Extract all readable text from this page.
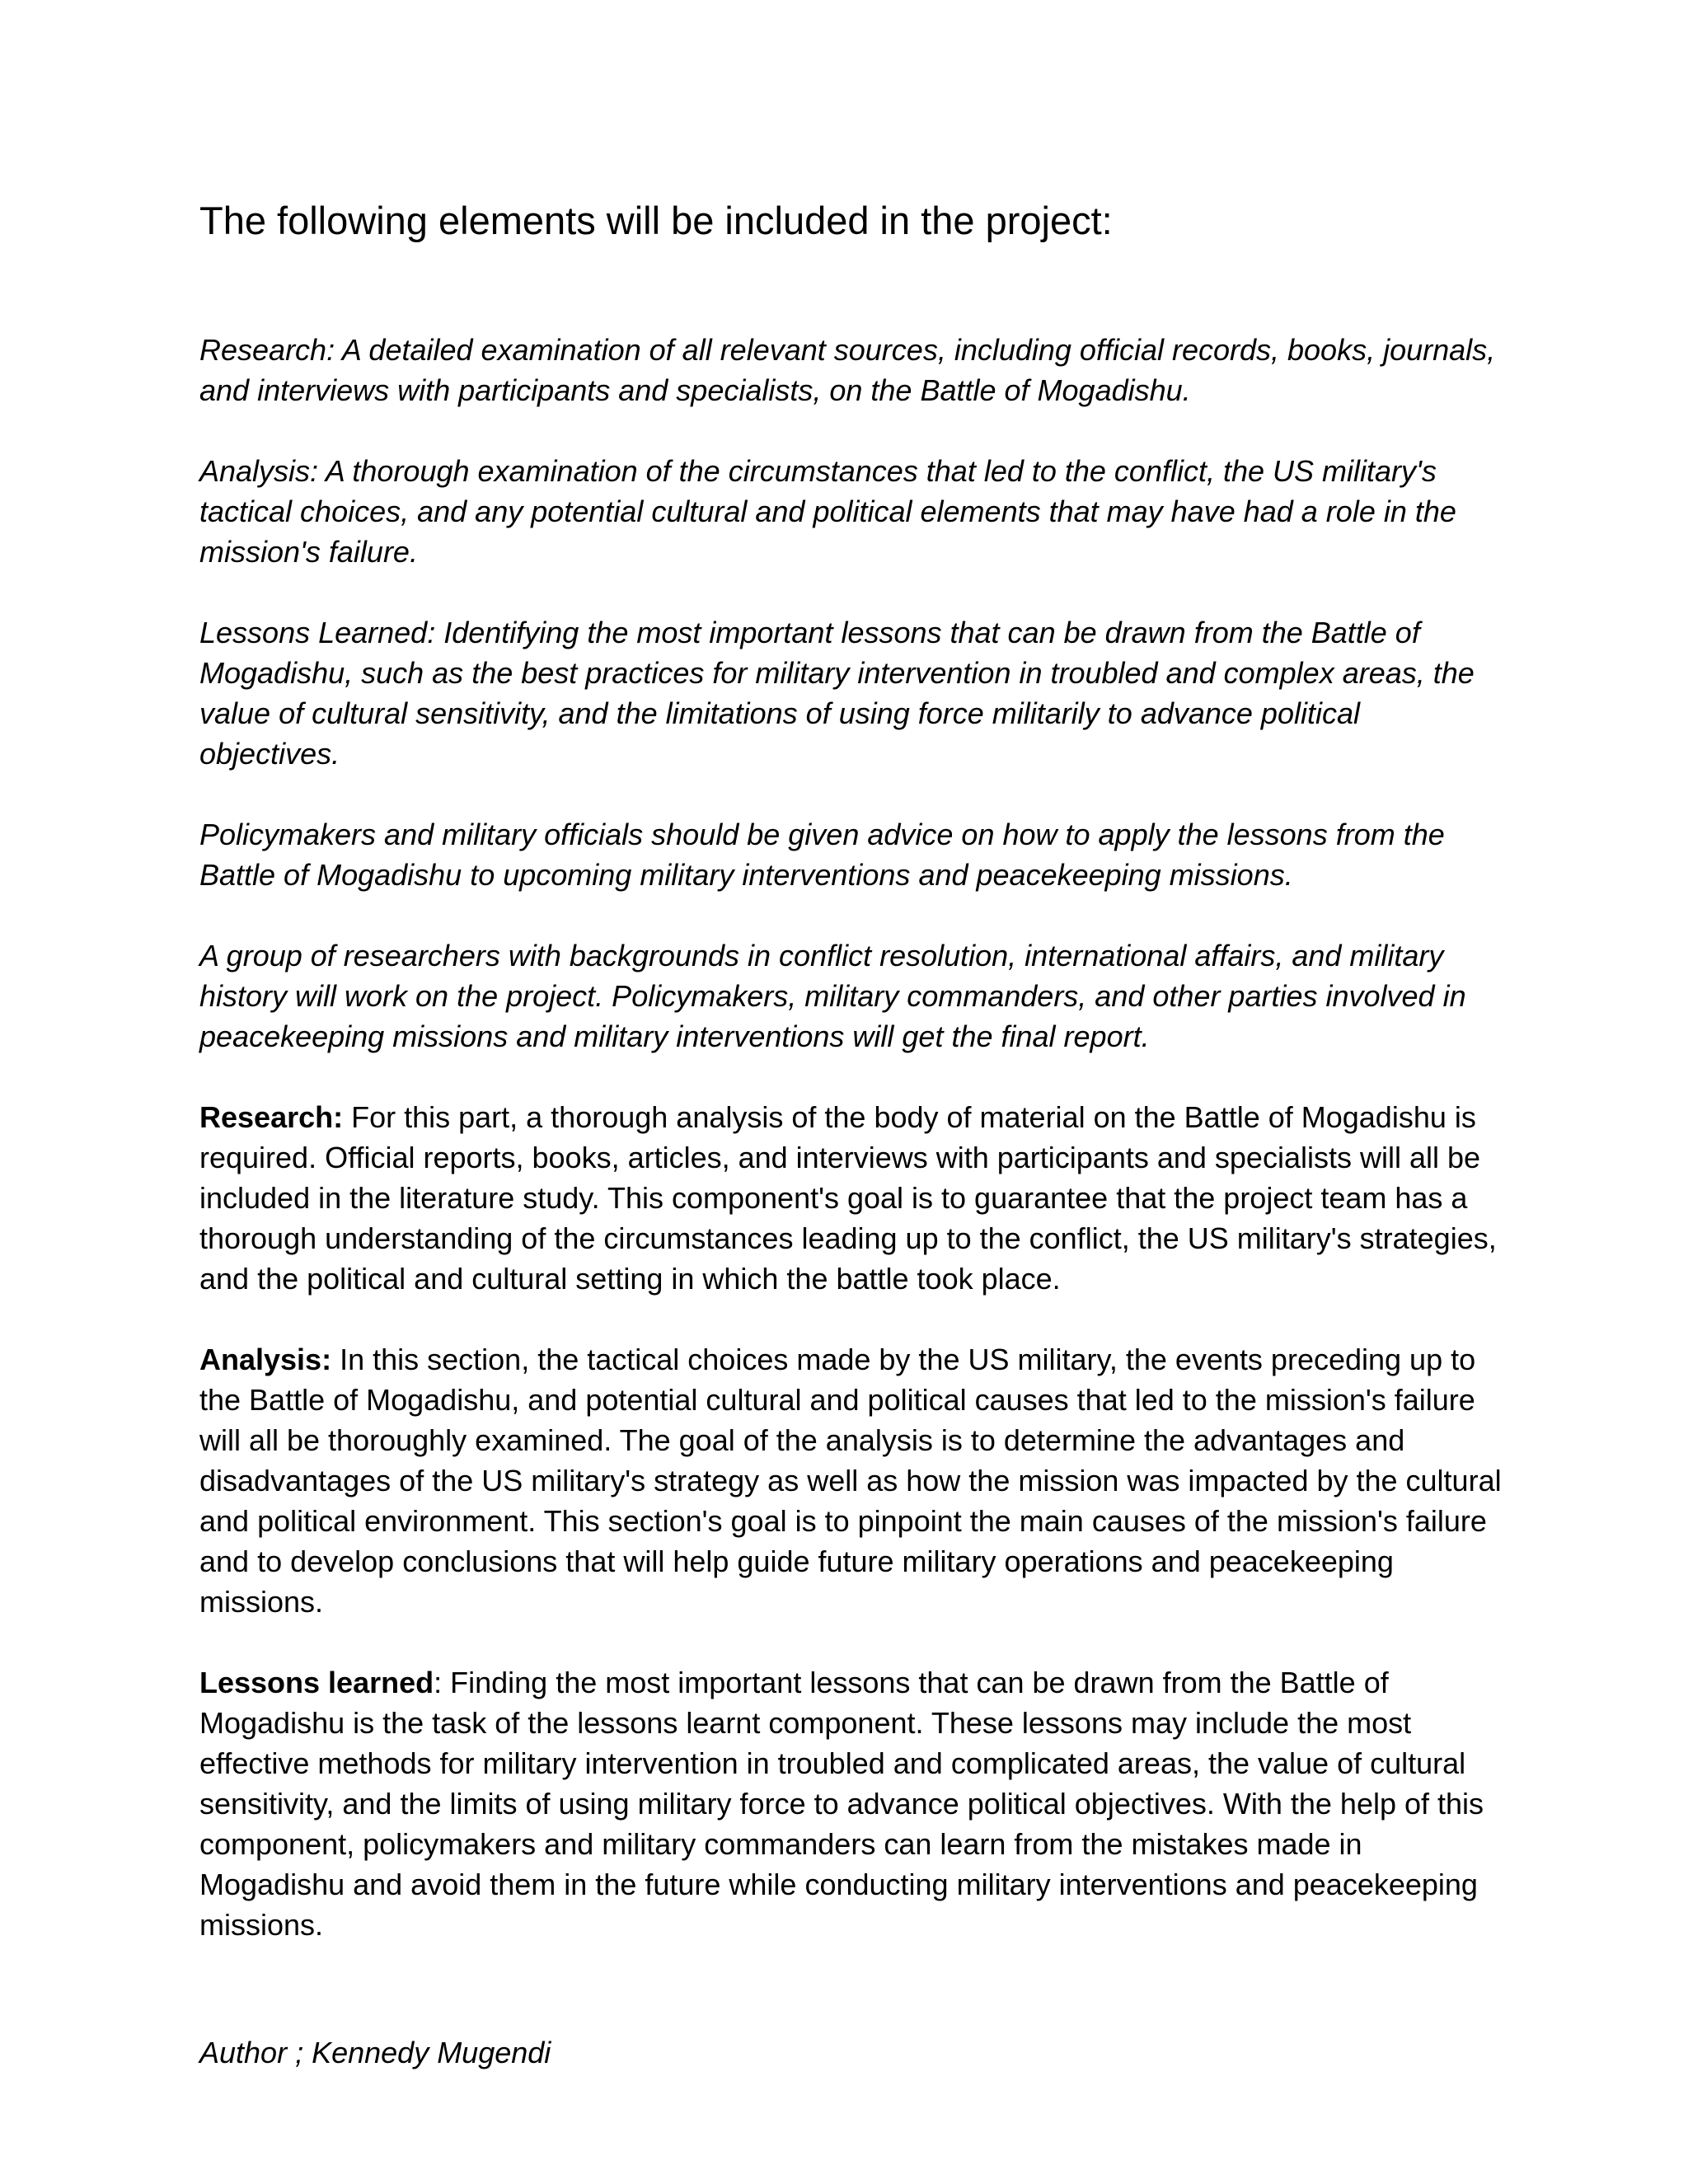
The following elements will be included in the project:

Research: A detailed examination of all relevant sources, including official records, books, journals, and interviews with participants and specialists, on the Battle of Mogadishu.

Analysis: A thorough examination of the circumstances that led to the conflict, the US military's tactical choices, and any potential cultural and political elements that may have had a role in the mission's failure.

Lessons Learned: Identifying the most important lessons that can be drawn from the Battle of Mogadishu, such as the best practices for military intervention in troubled and complex areas, the value of cultural sensitivity, and the limitations of using force militarily to advance political objectives.

Policymakers and military officials should be given advice on how to apply the lessons from the Battle of Mogadishu to upcoming military interventions and peacekeeping missions.

A group of researchers with backgrounds in conflict resolution, international affairs, and military history will work on the project. Policymakers, military commanders, and other parties involved in peacekeeping missions and military interventions will get the final report.

Research: For this part, a thorough analysis of the body of material on the Battle of Mogadishu is required. Official reports, books, articles, and interviews with participants and specialists will all be included in the literature study. This component's goal is to guarantee that the project team has a thorough understanding of the circumstances leading up to the conflict, the US military's strategies, and the political and cultural setting in which the battle took place.

Analysis: In this section, the tactical choices made by the US military, the events preceding up to the Battle of Mogadishu, and potential cultural and political causes that led to the mission's failure will all be thoroughly examined. The goal of the analysis is to determine the advantages and disadvantages of the US military's strategy as well as how the mission was impacted by the cultural and political environment. This section's goal is to pinpoint the main causes of the mission's failure and to develop conclusions that will help guide future military operations and peacekeeping missions.

Lessons learned: Finding the most important lessons that can be drawn from the Battle of Mogadishu is the task of the lessons learnt component. These lessons may include the most effective methods for military intervention in troubled and complicated areas, the value of cultural sensitivity, and the limits of using military force to advance political objectives. With the help of this component, policymakers and military commanders can learn from the mistakes made in Mogadishu and avoid them in the future while conducting military interventions and peacekeeping missions.

Author ; Kennedy Mugendi
